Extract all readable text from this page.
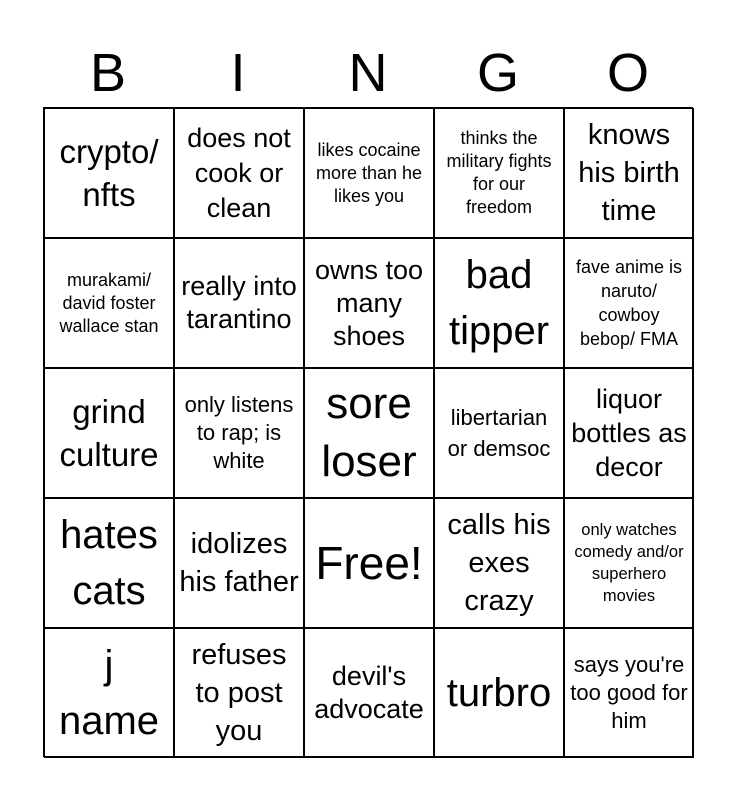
B	I	N	G	O
crypto/ nfts
does not cook or clean
likes cocaine more than he likes you
thinks the military fights for our freedom
knows his birth time
murakami/ david foster wallace stan
really into tarantino
owns too many shoes
bad tipper
fave anime is naruto/ cowboy bebop/ FMA
grind culture
only listens to rap; is white
sore loser
libertarian or demsoc
liquor bottles as decor
hates cats
idolizes his father Free!
calls his exes crazy
only watches comedy and/or superhero movies
j name
refuses to post you
devil's advocate turbro
says you're too good for him
